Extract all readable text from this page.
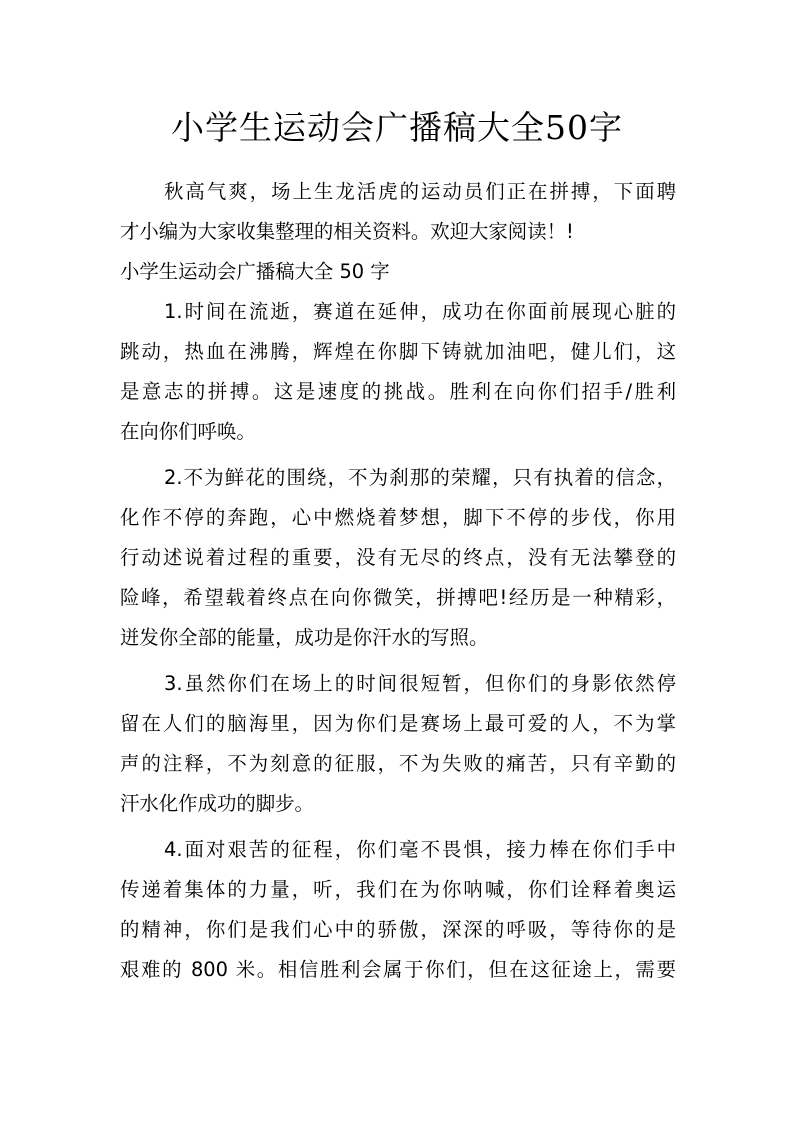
小学生运动会广播稿大全50字
秋高气爽，场上生龙活虎的运动员们正在拼搏，下面聘
才小编为大家收集整理的相关资料。欢迎大家阅读！!
小学生运动会广播稿大全 50 字
1.时间在流逝，赛道在延伸，成功在你面前展现心脏的
跳动，热血在沸腾，辉煌在你脚下铸就加油吧，健儿们，这
是意志的拼搏。这是速度的挑战。胜利在向你们招手/胜利
在向你们呼唤。
2.不为鲜花的围绕，不为刹那的荣耀，只有执着的信念，
化作不停的奔跑，心中燃烧着梦想，脚下不停的步伐，你用
行动述说着过程的重要，没有无尽的终点，没有无法攀登的
险峰，希望载着终点在向你微笑，拼搏吧!经历是一种精彩，
迸发你全部的能量，成功是你汗水的写照。
3.虽然你们在场上的时间很短暂，但你们的身影依然停
留在人们的脑海里，因为你们是赛场上最可爱的人，不为掌
声的注释，不为刻意的征服，不为失败的痛苦，只有辛勤的
汗水化作成功的脚步。
4.面对艰苦的征程，你们毫不畏惧，接力棒在你们手中
传递着集体的力量，听，我们在为你呐喊，你们诠释着奥运
的精神，你们是我们心中的骄傲，深深的呼吸，等待你的是
艰难的 800 米。相信胜利会属于你们，但在这征途上，需要
